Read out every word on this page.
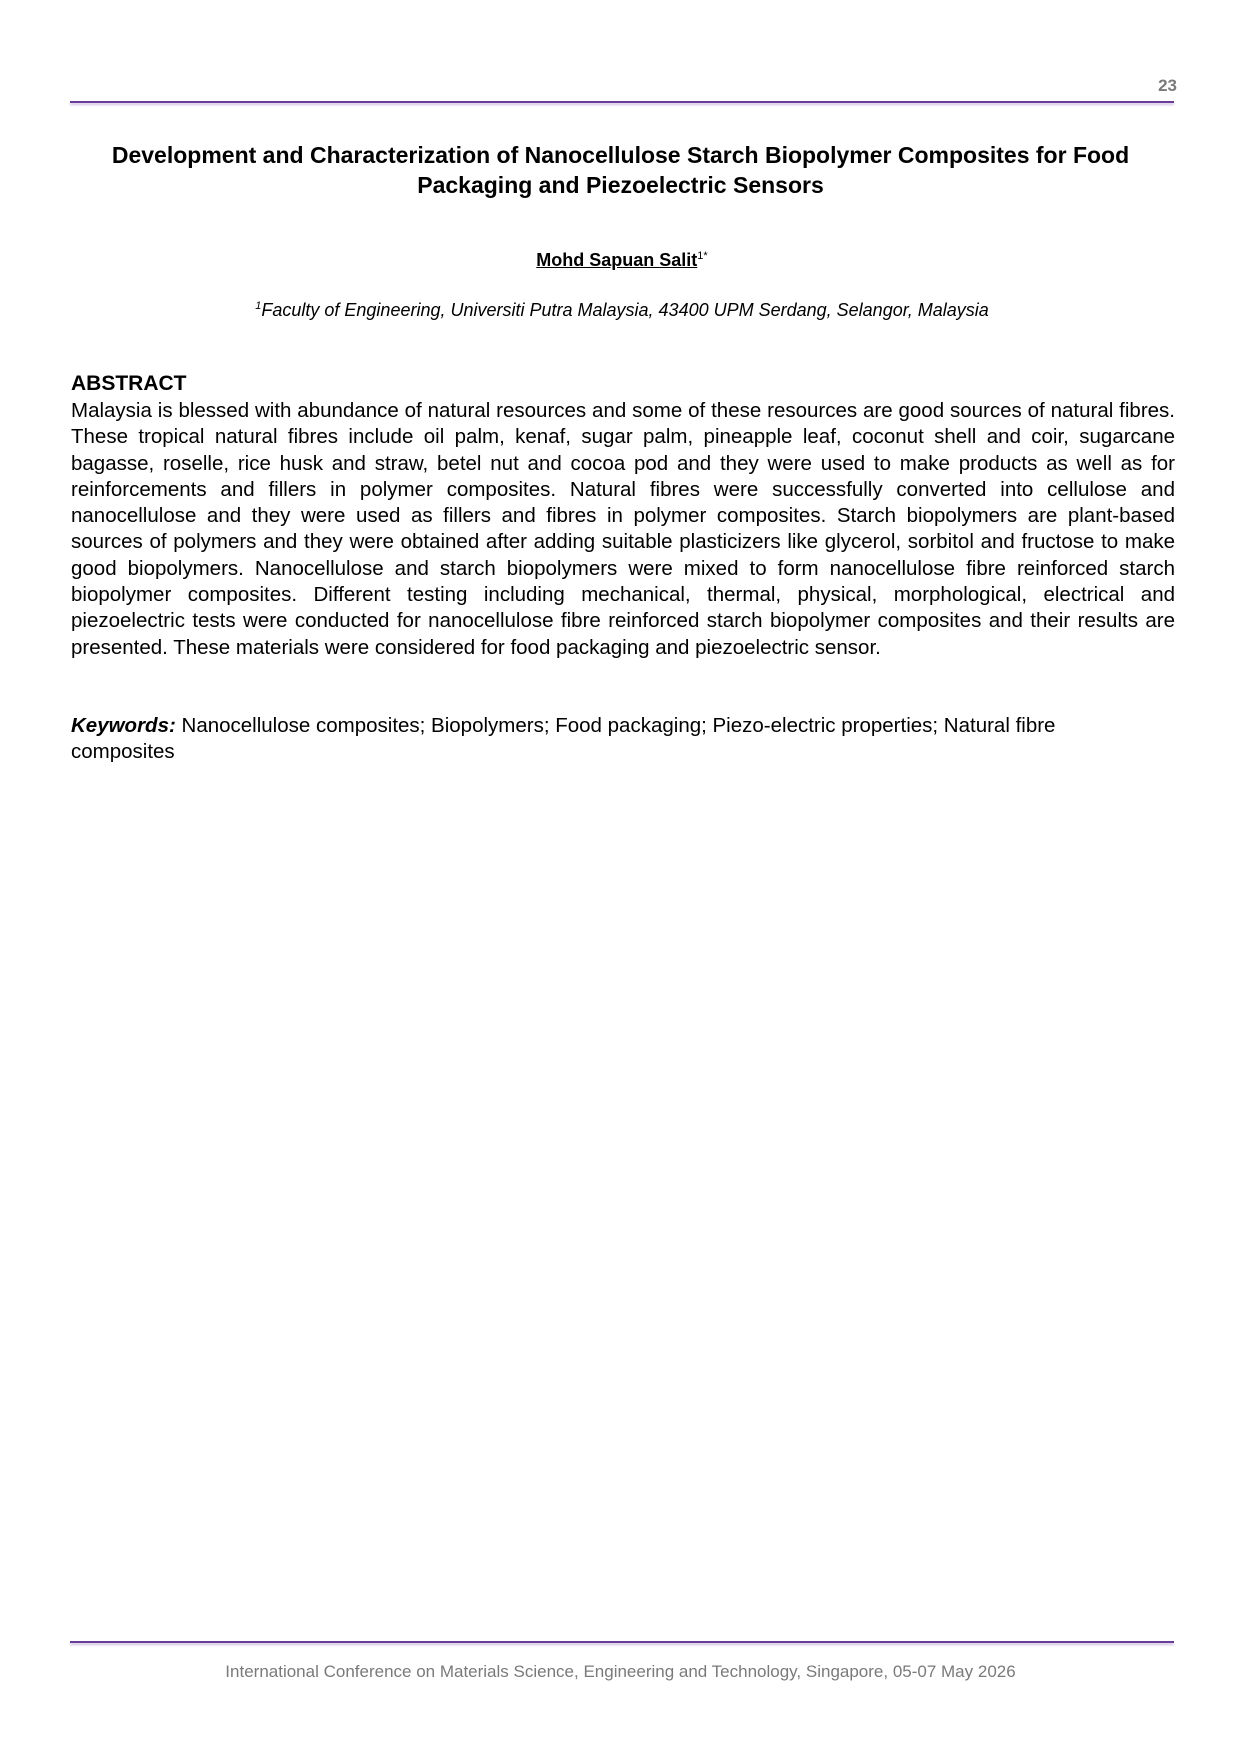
23
Development and Characterization of Nanocellulose Starch Biopolymer Composites for Food Packaging and Piezoelectric Sensors
Mohd Sapuan Salit$^{1*}$
$^1$Faculty of Engineering, Universiti Putra Malaysia, 43400 UPM Serdang, Selangor, Malaysia
ABSTRACT

Malaysia is blessed with abundance of natural resources and some of these resources are good sources of natural fibres. These tropical natural fibres include oil palm, kenaf, sugar palm, pineapple leaf, coconut shell and coir, sugarcane bagasse, roselle, rice husk and straw, betel nut and cocoa pod and they were used to make products as well as for reinforcements and fillers in polymer composites. Natural fibres were successfully converted into cellulose and nanocellulose and they were used as fillers and fibres in polymer composites. Starch biopolymers are plant-based sources of polymers and they were obtained after adding suitable plasticizers like glycerol, sorbitol and fructose to make good biopolymers. Nanocellulose and starch biopolymers were mixed to form nanocellulose fibre reinforced starch biopolymer composites. Different testing including mechanical, thermal, physical, morphological, electrical and piezoelectric tests were conducted for nanocellulose fibre reinforced starch biopolymer composites and their results are presented. These materials were considered for food packaging and piezoelectric sensor.

Keywords: Nanocellulose composites; Biopolymers; Food packaging; Piezo-electric properties; Natural fibre composites

International Conference on Materials Science, Engineering and Technology, Singapore, 05-07 May 2026
